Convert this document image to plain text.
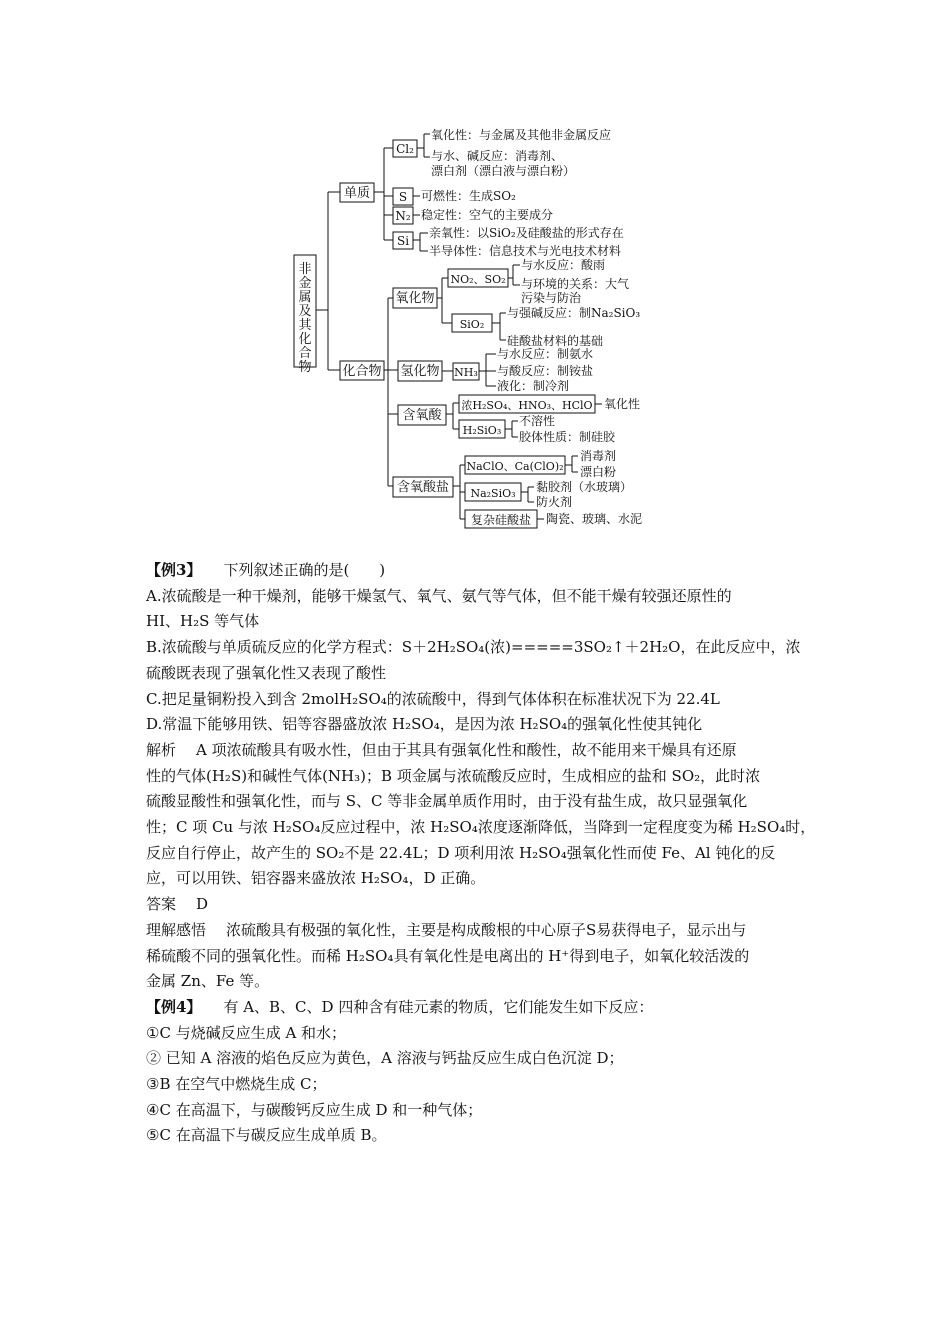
非金属及其化合物
单质
Cl₂
氧化性：与金属及其他非金属反应
与水、碱反应：消毒剂、
漂白剂（漂白液与漂白粉）
S 可燃性：生成SO₂
N₂ 稳定性：空气的主要成分
Si
亲氧性：以SiO₂及硅酸盐的形式存在
半导体性：信息技术与光电技术材料
化合物
氧化物
NO₂、SO₂
与水反应：酸雨
与环境的关系：大气
污染与防治
SiO₂
与强碱反应：制Na₂SiO₃
硅酸盐材料的基础
氢化物 NH₃
与水反应：制氨水
与酸反应：制铵盐
液化：制冷剂
含氧酸
浓H₂SO₄、HNO₃、HClO 氧化性
H₂SiO₃
不溶性
胶体性质：制硅胶
含氧酸盐
NaClO、Ca(ClO)₂
消毒剂
漂白粉
Na₂SiO₃ 黏胶剂（水玻璃）
防火剂
复杂硅酸盐 陶瓷、玻璃、水泥

【例3】 下列叙述正确的是(　　)

A.浓硫酸是一种干燥剂，能够干燥氢气、氧气、氨气等气体，但不能干燥有较强还原性的

HI、H₂S 等气体

B.浓硫酸与单质硫反应的化学方程式：S＋2H₂SO₄(浓)=====3SO₂↑＋2H₂O，在此反应中，浓

硫酸既表现了强氧化性又表现了酸性

C.把足量铜粉投入到含 2molH₂SO₄的浓硫酸中，得到气体体积在标准状况下为 22.4L

D.常温下能够用铁、铝等容器盛放浓 H₂SO₄，是因为浓 H₂SO₄的强氧化性使其钝化

解析 A 项浓硫酸具有吸水性，但由于其具有强氧化性和酸性，故不能用来干燥具有还原

性的气体(H₂S)和碱性气体(NH₃)；B 项金属与浓硫酸反应时，生成相应的盐和 SO₂，此时浓

硫酸显酸性和强氧化性，而与 S、C 等非金属单质作用时，由于没有盐生成，故只显强氧化

性；C 项 Cu 与浓 H₂SO₄反应过程中，浓 H₂SO₄浓度逐渐降低，当降到一定程度变为稀 H₂SO₄时，

反应自行停止，故产生的 SO₂不是 22.4L；D 项利用浓 H₂SO₄强氧化性而使 Fe、Al 钝化的反

应，可以用铁、铝容器来盛放浓 H₂SO₄，D 正确。

答案 D

理解感悟 浓硫酸具有极强的氧化性，主要是构成酸根的中心原子S易获得电子，显示出与

稀硫酸不同的强氧化性。而稀 H₂SO₄具有氧化性是电离出的 H⁺得到电子，如氧化较活泼的

金属 Zn、Fe 等。

【例4】 有 A、B、C、D 四种含有硅元素的物质，它们能发生如下反应：

①C 与烧碱反应生成 A 和水；

② 已知 A 溶液的焰色反应为黄色，A 溶液与钙盐反应生成白色沉淀 D；

③B 在空气中燃烧生成 C；

④C 在高温下，与碳酸钙反应生成 D 和一种气体；

⑤C 在高温下与碳反应生成单质 B。
